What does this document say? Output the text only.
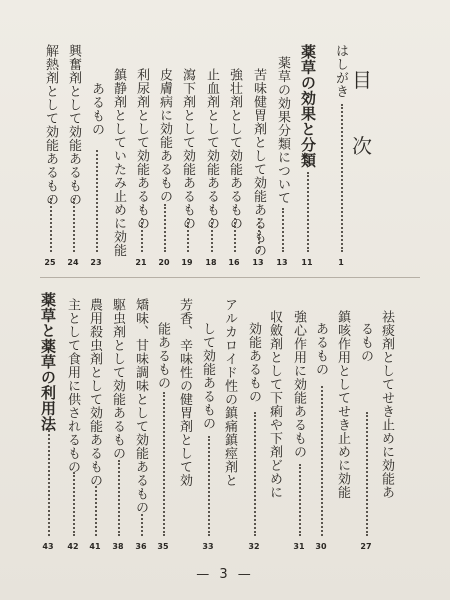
目
次
はしがき
1
薬草の効果と分類
11
薬草の効果分類について
13
苦味健胃剤として効能あるもの
13
強壮剤として効能あるもの
16
止血剤として効能あるもの
18
瀉下剤として効能あるもの
19
皮膚病に効能あるもの
20
利尿剤として効能あるもの
21
鎮静剤としていたみ止めに効能
あるもの
23
興奮剤として効能あるもの
24
解熱剤として効能あるもの
25
祛痰剤としてせき止めに効能あ
るもの
27
鎮咳作用としてせき止めに効能
あるもの
30
強心作用に効能あるもの
31
収斂剤として下痢や下剤どめに
効能あるもの
32
アルカロイド性の鎮痛鎮痙剤と
して効能あるもの
33
芳香、辛味性の健胃剤として効
能あるもの
35
矯味、甘味調味として効能あるもの
36
駆虫剤として効能あるもの
38
農用殺虫剤として効能あるもの
41
主として食用に供されるもの
42
薬草と薬草の利用法
43
— 3 —
